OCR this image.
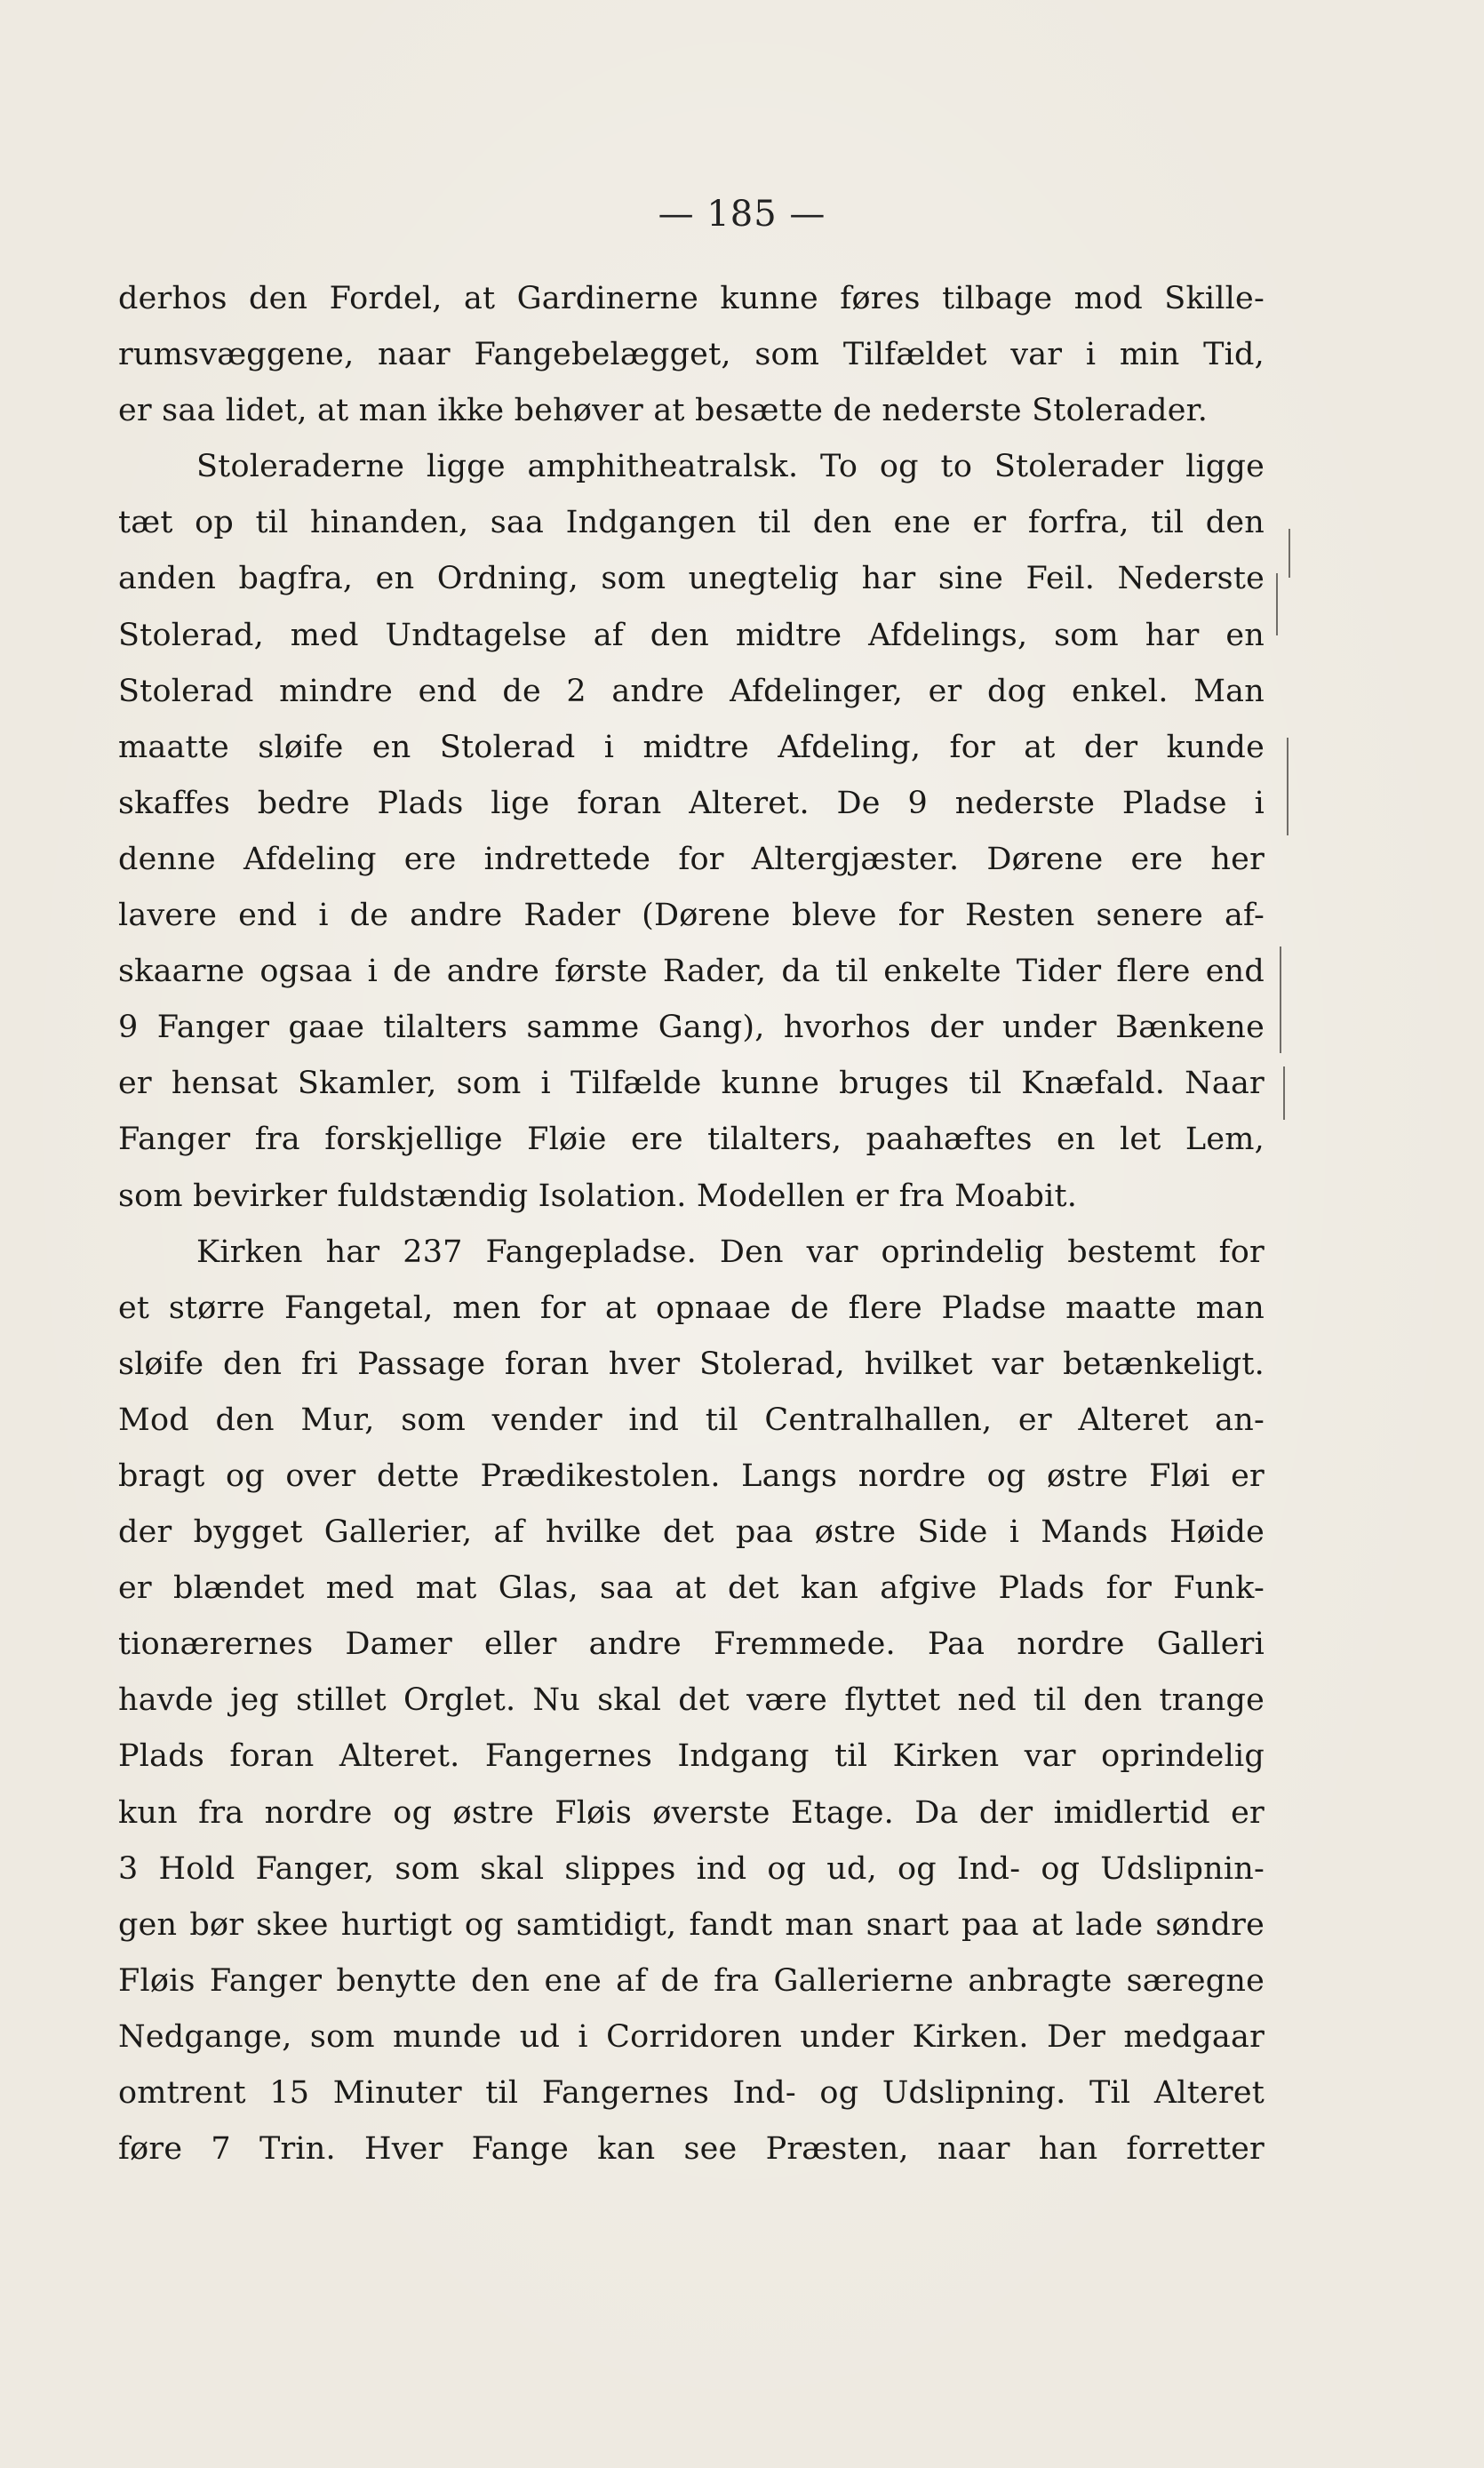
— 185 —
derhos den Fordel, at Gardinerne kunne føres tilbage mod Skille-
rumsvæggene, naar Fangebelægget, som Tilfældet var i min Tid,
er saa lidet, at man ikke behøver at besætte de nederste Stolerader.
Stoleraderne ligge amphitheatralsk. To og to Stolerader ligge
tæt op til hinanden, saa Indgangen til den ene er forfra, til den
anden bagfra, en Ordning, som unegtelig har sine Feil. Nederste
Stolerad, med Undtagelse af den midtre Afdelings, som har en
Stolerad mindre end de 2 andre Afdelinger, er dog enkel. Man
maatte sløife en Stolerad i midtre Afdeling, for at der kunde
skaffes bedre Plads lige foran Alteret. De 9 nederste Pladse i
denne Afdeling ere indrettede for Altergjæster. Dørene ere her
lavere end i de andre Rader (Dørene bleve for Resten senere af-
skaarne ogsaa i de andre første Rader, da til enkelte Tider flere end
9 Fanger gaae tilalters samme Gang), hvorhos der under Bænkene
er hensat Skamler, som i Tilfælde kunne bruges til Knæfald. Naar
Fanger fra forskjellige Fløie ere tilalters, paahæftes en let Lem,
som bevirker fuldstændig Isolation. Modellen er fra Moabit.
Kirken har 237 Fangepladse. Den var oprindelig bestemt for
et større Fangetal, men for at opnaae de flere Pladse maatte man
sløife den fri Passage foran hver Stolerad, hvilket var betænkeligt.
Mod den Mur, som vender ind til Centralhallen, er Alteret an-
bragt og over dette Prædikestolen. Langs nordre og østre Fløi er
der bygget Gallerier, af hvilke det paa østre Side i Mands Høide
er blændet med mat Glas, saa at det kan afgive Plads for Funk-
tionærernes Damer eller andre Fremmede. Paa nordre Galleri
havde jeg stillet Orglet. Nu skal det være flyttet ned til den trange
Plads foran Alteret. Fangernes Indgang til Kirken var oprindelig
kun fra nordre og østre Fløis øverste Etage. Da der imidlertid er
3 Hold Fanger, som skal slippes ind og ud, og Ind- og Udslipnin-
gen bør skee hurtigt og samtidigt, fandt man snart paa at lade søndre
Fløis Fanger benytte den ene af de fra Gallerierne anbragte særegne
Nedgange, som munde ud i Corridoren under Kirken. Der medgaar
omtrent 15 Minuter til Fangernes Ind- og Udslipning. Til Alteret
føre 7 Trin. Hver Fange kan see Præsten, naar han forretter
